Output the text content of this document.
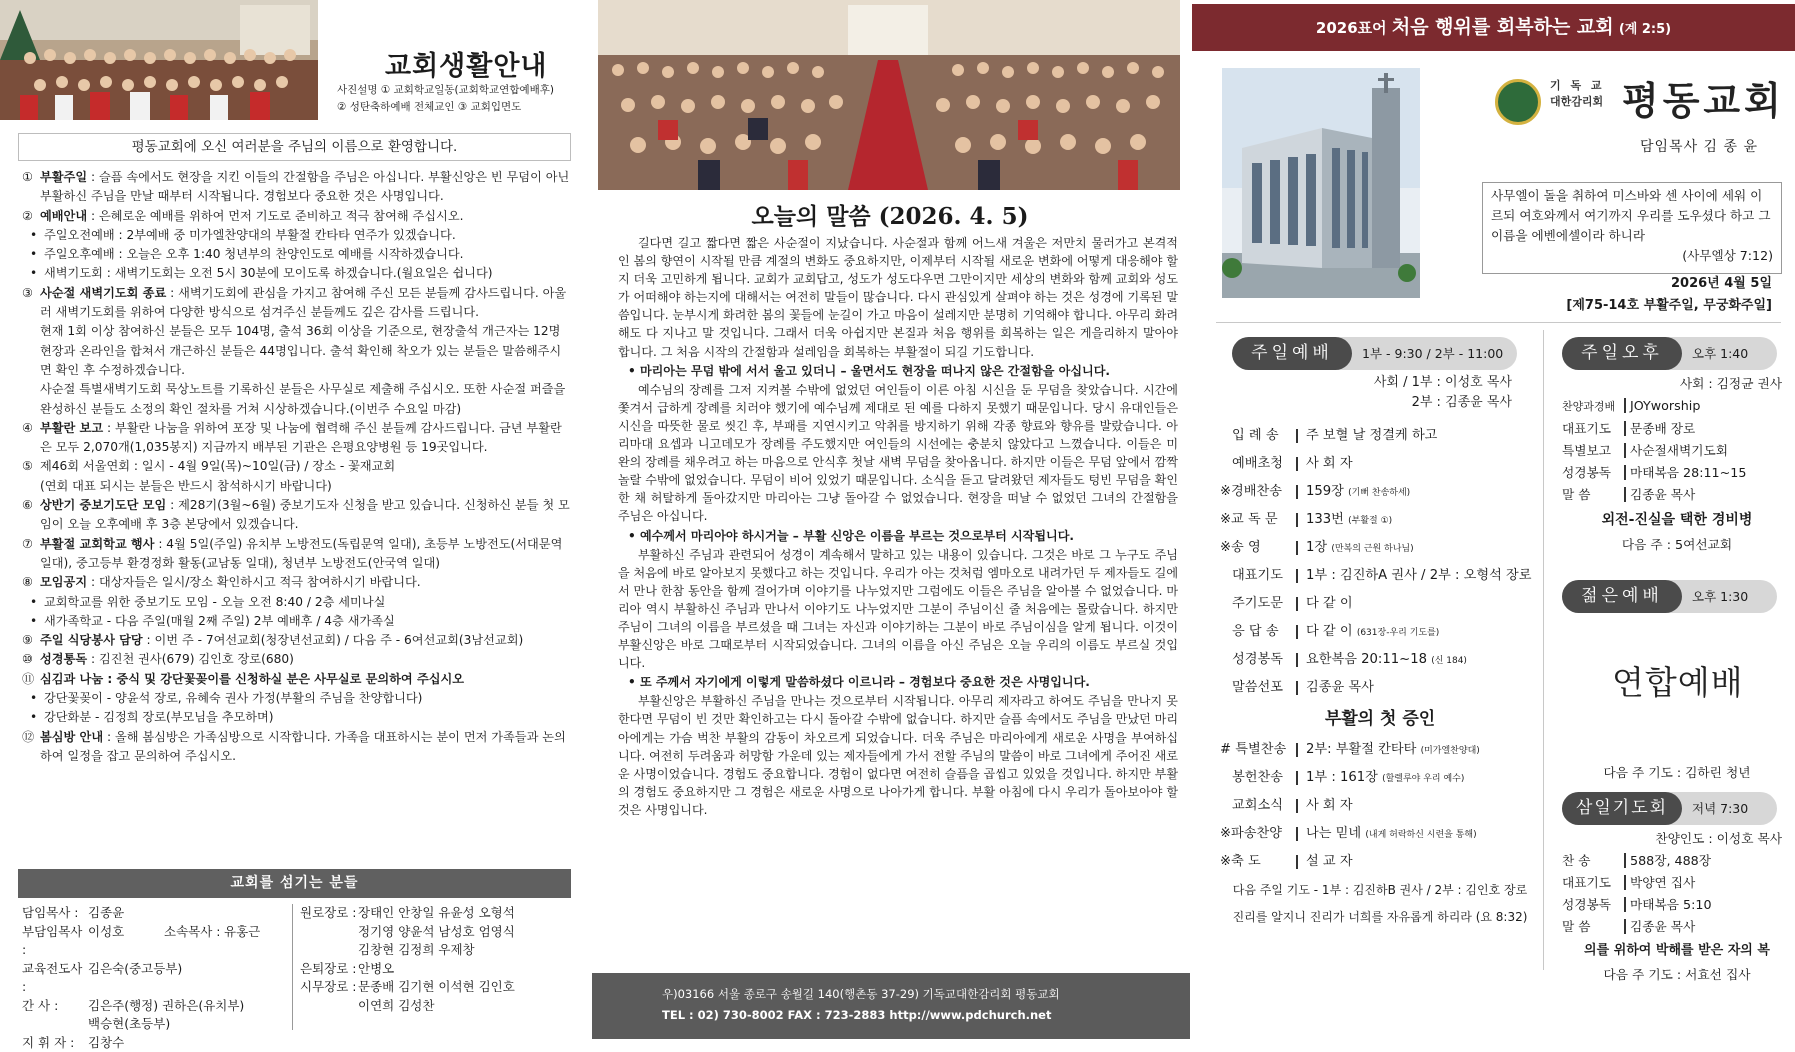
교회생활안내
사진설명 ① 교회학교일동(교회학교연합예배후)
② 성탄축하예배 전체교인 ③ 교회입면도
평동교회에 오신 여러분을 주님의 이름으로 환영합니다.
① 부활주일 : 슬픔 속에서도 현장을 지킨 이들의 간절함을 주님은 아십니다. 부활신앙은 빈 무덤이 아닌 부활하신 주님을 만날 때부터 시작됩니다. 경험보다 중요한 것은 사명입니다.
② 예배안내 : 은혜로운 예배를 위하여 먼저 기도로 준비하고 적극 참여해 주십시오.
• 주일오전예배 : 2부예배 중 미가엘찬양대의 부활절 칸타타 연주가 있겠습니다.
• 주일오후예배 : 오늘은 오후 1:40 청년부의 찬양인도로 예배를 시작하겠습니다.
• 새벽기도회 : 새벽기도회는 오전 5시 30분에 모이도록 하겠습니다.(월요일은 쉽니다)
③ 사순절 새벽기도회 종료 : 새벽기도회에 관심을 가지고 참여해 주신 모든 분들께 감사드립니다. 아울러 새벽기도회를 위하여 다양한 방식으로 섬겨주신 분들께도 깊은 감사를 드립니다.
현재 1회 이상 참여하신 분들은 모두 104명, 출석 36회 이상을 기준으로, 현장출석 개근자는 12명 현장과 온라인을 합쳐서 개근하신 분들은 44명입니다. 출석 확인해 착오가 있는 분들은 말씀해주시면 확인 후 수정하겠습니다.
사순절 특별새벽기도회 묵상노트를 기록하신 분들은 사무실로 제출해 주십시오. 또한 사순절 퍼즐을 완성하신 분들도 소정의 확인 절차를 거쳐 시상하겠습니다.(이번주 수요일 마감)
④ 부활란 보고 : 부활란 나눔을 위하여 포장 및 나눔에 협력해 주신 분들께 감사드립니다. 금년 부활란은 모두 2,070개(1,035봉지) 지금까지 배부된 기관은 은평요양병원 등 19곳입니다.
⑤ 제46회 서울연회 : 일시 - 4월 9일(목)~10일(금) / 장소 - 꽃재교회
(연회 대표 되시는 분들은 반드시 참석하시기 바랍니다)
⑥ 상반기 중보기도단 모임 : 제28기(3월~6월) 중보기도자 신청을 받고 있습니다. 신청하신 분들 첫 모임이 오늘 오후예배 후 3층 본당에서 있겠습니다.
⑦ 부활절 교회학교 행사 : 4월 5일(주일) 유치부 노방전도(독립문역 일대), 초등부 노방전도(서대문역 일대), 중고등부 환경정화 활동(교남동 일대), 청년부 노방전도(안국역 일대)
⑧ 모임공지 : 대상자들은 일시/장소 확인하시고 적극 참여하시기 바랍니다.
• 교회학교를 위한 중보기도 모임 - 오늘 오전 8:40 / 2층 세미나실
• 새가족학교 - 다음 주일(매월 2째 주일) 2부 예배후 / 4층 새가족실
⑨ 주일 식당봉사 담당 : 이번 주 - 7여선교회(청장년선교회) / 다음 주 - 6여선교회(3남선교회)
⑩ 성경통독 : 김진천 권사(679) 김인호 장로(680)
⑪ 심김과 나눔 : 중식 및 강단꽃꽂이를 신청하실 분은 사무실로 문의하여 주십시오
• 강단꽃꽂이 - 양윤석 장로, 유혜숙 권사 가정(부활의 주님을 찬양합니다)
• 강단화분 - 김정희 장로(부모님을 추모하며)
⑫ 봄심방 안내 : 올해 봄심방은 가족심방으로 시작합니다. 가족을 대표하시는 분이 먼저 가족들과 논의하여 일정을 잡고 문의하여 주십시오.
교회를 섬기는 분들
담임목사 : 김종윤
부담임목사 :
이성호	소속목사 : 유홍근
교육전도사 :
김은숙(중고등부)
간 사 :	김은주(행정) 권하은(유치부)
백승현(초등부)
지 휘 자 :	김창수
원로장로 : 장태인 안창일 유윤성 오형석
정기영 양윤석 남성호 엄영식
김창현 김정희 우제창
은퇴장로 : 안병오
시무장로 : 문종배 김기현 이석현 김인호
이연희 김성찬
오늘의 말씀 (2026. 4. 5)

길다면 길고 짧다면 짧은 사순절이 지났습니다. 사순절과 함께 어느새 겨울은 저만치 물러가고 본격적인 봄의 향연이 시작될 만큼 계절의 변화도 중요하지만, 이제부터 시작될 새로운 변화에 어떻게 대응해야 할 지 더욱 고민하게 됩니다. 교회가 교회답고, 성도가 성도다우면 그만이지만 세상의 변화와 함께 교회와 성도가 어떠해야 하는지에 대해서는 여전히 말들이 많습니다. 다시 관심있게 살펴야 하는 것은 성경에 기록된 말씀입니다. 눈부시게 화려한 봄의 꽃들에 눈길이 가고 마음이 설레지만 분명히 기억해야 합니다. 아무리 화려해도 다 지나고 말 것입니다. 그래서 더욱 아쉽지만 본질과 처음 행위를 회복하는 일은 게을리하지 말아야 합니다. 그 처음 시작의 간절함과 설레임을 회복하는 부활절이 되길 기도합니다.

• 마리아는 무덤 밖에 서서 울고 있더니 – 울면서도 현장을 떠나지 않은 간절함을 아십니다.

예수님의 장례를 그저 지켜볼 수밖에 없었던 여인들이 이른 아침 시신을 둔 무덤을 찾았습니다. 시간에 쫓겨서 급하게 장례를 치러야 했기에 예수님께 제대로 된 예를 다하지 못했기 때문입니다. 당시 유대인들은 시신을 따뜻한 물로 씻긴 후, 부패를 지연시키고 악취를 방지하기 위해 각종 향료와 향유를 발랐습니다. 아리마대 요셉과 니고데모가 장례를 주도했지만 여인들의 시선에는 충분치 않았다고 느꼈습니다. 이들은 미완의 장례를 채우려고 하는 마음으로 안식후 첫날 새벽 무덤을 찾아옵니다. 하지만 이들은 무덤 앞에서 깜짝 놀랄 수밖에 없었습니다. 무덤이 비어 있었기 때문입니다. 소식을 듣고 달려왔던 제자들도 텅빈 무덤을 확인한 채 허탈하게 돌아갔지만 마리아는 그냥 돌아갈 수 없었습니다. 현장을 떠날 수 없었던 그녀의 간절함을 주님은 아십니다.

• 예수께서 마리아야 하시거늘 – 부활 신앙은 이름을 부르는 것으로부터 시작됩니다.

부활하신 주님과 관련되어 성경이 계속해서 말하고 있는 내용이 있습니다. 그것은 바로 그 누구도 주님을 처음에 바로 알아보지 못했다고 하는 것입니다. 우리가 아는 것처럼 엠마오로 내려가던 두 제자들도 길에서 만나 한참 동안을 함께 걸어가며 이야기를 나누었지만 그럼에도 이들은 주님을 알아볼 수 없었습니다. 마리아 역시 부활하신 주님과 만나서 이야기도 나누었지만 그분이 주님이신 줄 처음에는 몰랐습니다. 하지만 주님이 그녀의 이름을 부르셨을 때 그녀는 자신과 이야기하는 그분이 바로 주님이심을 알게 됩니다. 이것이 부활신앙은 바로 그때로부터 시작되었습니다. 그녀의 이름을 아신 주님은 오늘 우리의 이름도 부르실 것입니다.

• 또 주께서 자기에게 이렇게 말씀하셨다 이르니라 – 경험보다 중요한 것은 사명입니다.

부활신앙은 부활하신 주님을 만나는 것으로부터 시작됩니다. 아무리 제자라고 하여도 주님을 만나지 못한다면 무덤이 빈 것만 확인하고는 다시 돌아갈 수밖에 없습니다. 하지만 슬픔 속에서도 주님을 만났던 마리아에게는 가슴 벅찬 부활의 감동이 차오르게 되었습니다. 더욱 주님은 마리아에게 새로운 사명을 부여하십니다. 여전히 두려움과 허망함 가운데 있는 제자들에게 가서 전할 주님의 말씀이 바로 그녀에게 주어진 새로운 사명이었습니다. 경험도 중요합니다. 경험이 없다면 여전히 슬픔을 곱씹고 있었을 것입니다. 하지만 부활의 경험도 중요하지만 그 경험은 새로운 사명으로 나아가게 합니다. 부활 아침에 다시 우리가 돌아보아야 할 것은 사명입니다.

우)03166 서울 종로구 송월길 140(행촌동 37-29) 기독교대한감리회 평동교회
TEL : 02) 730-8002 FAX : 723-2883 http://www.pdchurch.net
2026표어 처음 행위를 회복하는 교회 (계 2:5)
기 독 교
대한감리회 평동교회
담임목사 김 종 윤
사무엘이 돌을 취하여 미스바와 센 사이에 세워 이르되 여호와께서 여기까지 우리를 도우셨다 하고 그 이름을 에벤에셀이라 하니라
(사무엘상 7:12)
2026년 4월 5일
[제75-14호 부활주일, 무궁화주일]
주일예배 1부 - 9:30 / 2부 - 11:00
사회 / 1부 : 이성호 목사
2부 : 김종윤 목사
입 례 송	주 보혈 날 정결케 하고
예배초청	사 회 자
※경배찬송	159장 (기뻐 찬송하세)
※교 독 문	133번 (부활절 ①)
※송 영	1장 (만복의 근원 하나님)
대표기도	1부 : 김진하A 권사 / 2부 : 오형석 장로
주기도문	다 같 이
응 답 송	다 같 이 (631장-우리 기도를)
성경봉독	요한복음 20:11~18 (신 184)
말씀선포	김종윤 목사
부활의 첫 증인
# 특별찬송	2부: 부활절 칸타타 (미가엘찬양대)
봉헌찬송	1부 : 161장 (할렐루야 우리 예수)
교회소식	사 회 자
※파송찬양	나는 믿네 (내게 허락하신 시련을 통해)
※축 도	설 교 자
다음 주일 기도 - 1부 : 김진하B 권사 / 2부 : 김인호 장로
진리를 알지니 진리가 너희를 자유롭게 하리라 (요 8:32)
주일오후 오후 1:40
사회 : 김정균 권사
찬양과경배 JOYworship
대표기도 문종배 장로
특별보고 사순절새벽기도회
성경봉독 마태복음 28:11~15
말 씀	김종윤 목사
외전-진실을 택한 경비병
다음 주 : 5여선교회
젊은예배 오후 1:30
연합예배
다음 주 기도 : 김하린 청년
삼일기도회 저녁 7:30
찬양인도 : 이성호 목사
찬 송	588장, 488장
대표기도 박양연 집사
성경봉독 마태복음 5:10
말 씀	김종윤 목사
의를 위하여 박해를 받은 자의 복
다음 주 기도 : 서효선 집사
